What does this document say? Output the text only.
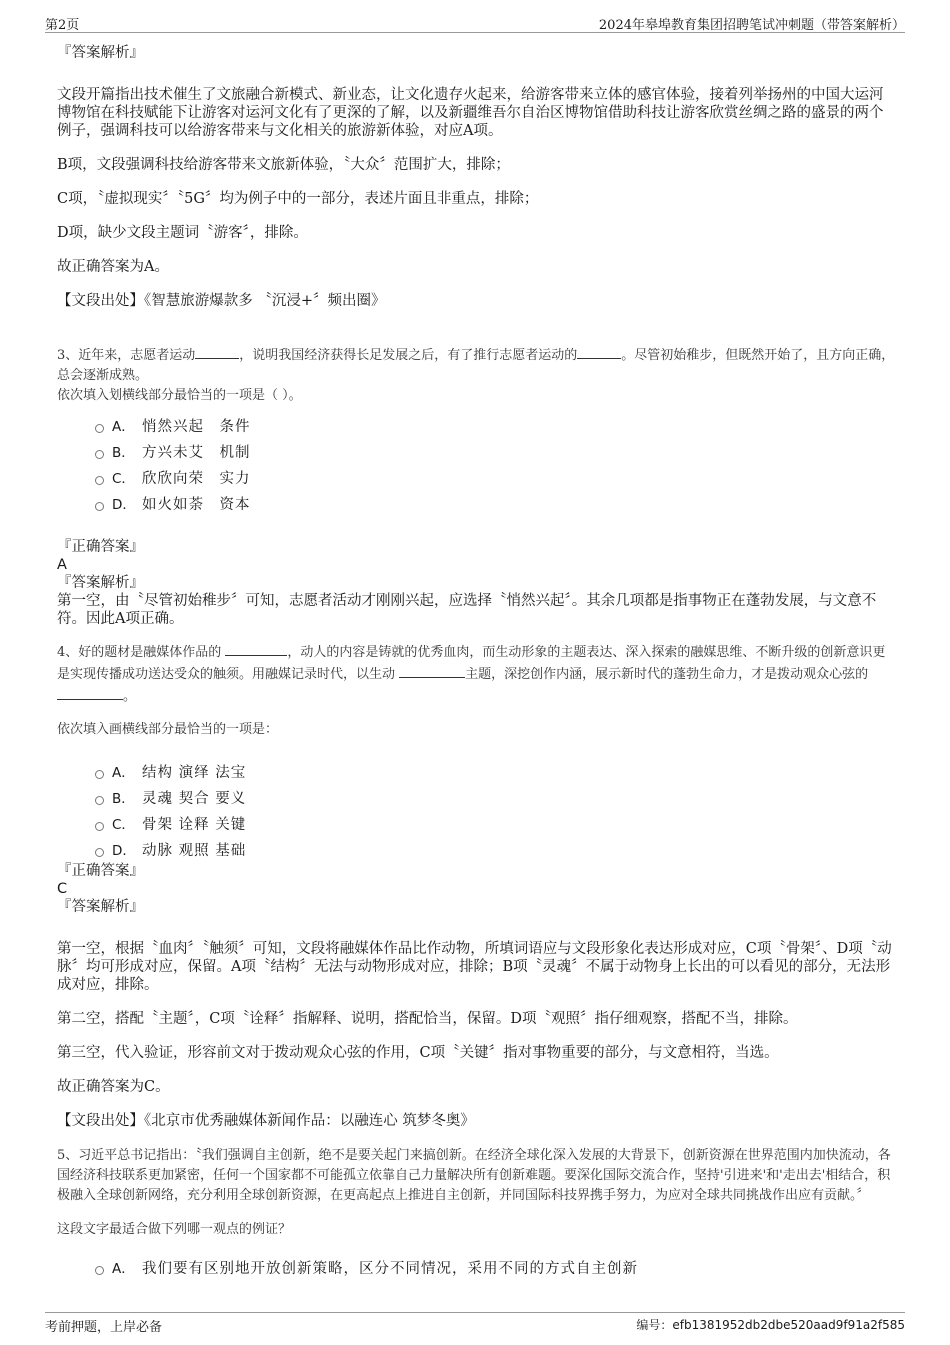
第2页	2024年皋埠教育集团招聘笔试冲刺题（带答案解析）

『答案解析』

文段开篇指出技术催生了文旅融合新模式、新业态，让文化遗存火起来，给游客带来立体的感官体验，接着列举扬州的中国大运河博物馆在科技赋能下让游客对运河文化有了更深的了解，以及新疆维吾尔自治区博物馆借助科技让游客欣赏丝绸之路的盛景的两个例子，强调科技可以给游客带来与文化相关的旅游新体验，对应A项。

B项，文段强调科技给游客带来文旅新体验，〝大众〞范围扩大，排除；

C项，〝虚拟现实〞〝5G〞均为例子中的一部分，表述片面且非重点，排除；

D项，缺少文段主题词〝游客〞，排除。

故正确答案为A。

【文段出处】《智慧旅游爆款多 〝沉浸+〞频出圈》

3、近年来，志愿者运动	，说明我国经济获得长足发展之后，有了推行志愿者运动的	。尽管初始稚步，但既然开始了，且方向正确，总会逐渐成熟。

依次填入划横线部分最恰当的一项是（ ）。

A． 悄然兴起　条件
B． 方兴未艾　机制
C． 欣欣向荣　实力
D． 如火如荼　资本

『正确答案』

A

『答案解析』

第一空，由〝尽管初始稚步〞可知，志愿者活动才刚刚兴起，应选择〝悄然兴起〞。其余几项都是指事物正在蓬勃发展，与文意不符。因此A项正确。

4、好的题材是融媒体作品的	，动人的内容是铸就的优秀血肉，而生动形象的主题表达、深入探索的融媒思维、不断升级的创新意识更是实现传播成功送达受众的触须。用融媒记录时代，以生动	主题，深挖创作内涵，展示新时代的蓬勃生命力，才是拨动观众心弦的 。

依次填入画横线部分最恰当的一项是：

A． 结构 演绎 法宝
B． 灵魂 契合 要义
C． 骨架 诠释 关键
D． 动脉 观照 基础

『正确答案』

C

『答案解析』

第一空，根据〝血肉〞〝触须〞可知，文段将融媒体作品比作动物，所填词语应与文段形象化表达形成对应，C项〝骨架〞、D项〝动脉〞均可形成对应，保留。A项〝结构〞无法与动物形成对应，排除；B项〝灵魂〞不属于动物身上长出的可以看见的部分，无法形成对应，排除。

第二空，搭配〝主题〞，C项〝诠释〞指解释、说明，搭配恰当，保留。D项〝观照〞指仔细观察，搭配不当，排除。

第三空，代入验证，形容前文对于拨动观众心弦的作用，C项〝关键〞指对事物重要的部分，与文意相符，当选。

故正确答案为C。

【文段出处】《北京市优秀融媒体新闻作品：以融连心 筑梦冬奥》

5、习近平总书记指出：〝我们强调自主创新，绝不是要关起门来搞创新。在经济全球化深入发展的大背景下，创新资源在世界范围内加快流动，各国经济科技联系更加紧密，任何一个国家都不可能孤立依靠自己力量解决所有创新难题。要深化国际交流合作，坚持'引进来'和'走出去'相结合，积极融入全球创新网络，充分利用全球创新资源，在更高起点上推进自主创新，并同国际科技界携手努力，为应对全球共同挑战作出应有贡献。〞

这段文字最适合做下列哪一观点的例证？

A． 我们要有区别地开放创新策略，区分不同情况，采用不同的方式自主创新
考前押题，上岸必备	编号：efb1381952db2dbe520aad9f91a2f585
